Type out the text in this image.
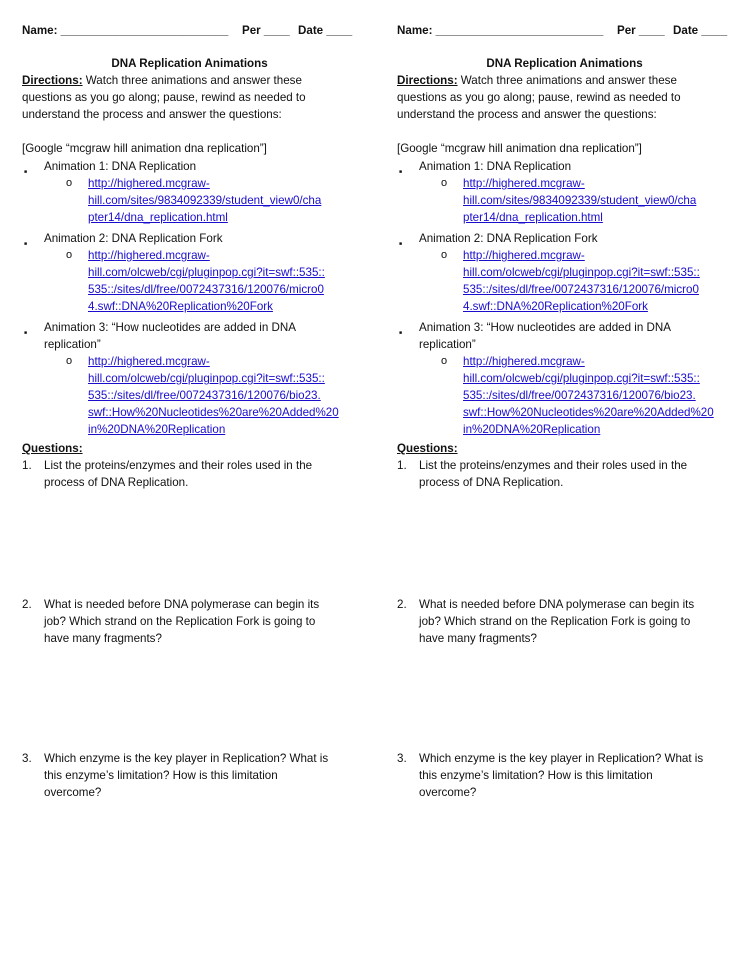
Name: __________________________ Per ____ Date ____
DNA Replication Animations
Directions: Watch three animations and answer these
questions as you go along; pause, rewind as needed to
understand the process and answer the questions:
[Google “mcgraw hill animation dna replication”]
■ Animation 1: DNA Replication
o http://highered.mcgraw-
hill.com/sites/9834092339/student_view0/cha
pter14/dna_replication.html
■ Animation 2: DNA Replication Fork
o http://highered.mcgraw-
hill.com/olcweb/cgi/pluginpop.cgi?it=swf::535::
535::/sites/dl/free/0072437316/120076/micro0
4.swf::DNA%20Replication%20Fork
■ Animation 3: “How nucleotides are added in DNA
replication”
o http://highered.mcgraw-
hill.com/olcweb/cgi/pluginpop.cgi?it=swf::535::
535::/sites/dl/free/0072437316/120076/bio23.
swf::How%20Nucleotides%20are%20Added%20
in%20DNA%20Replication
Questions:
1. List the proteins/enzymes and their roles used in the
process of DNA Replication.
2. What is needed before DNA polymerase can begin its
job? Which strand on the Replication Fork is going to
have many fragments?
3. Which enzyme is the key player in Replication? What is
this enzyme’s limitation? How is this limitation
overcome?
Name: __________________________ Per ____ Date ____
DNA Replication Animations
Directions: Watch three animations and answer these
questions as you go along; pause, rewind as needed to
understand the process and answer the questions:
[Google “mcgraw hill animation dna replication”]
■ Animation 1: DNA Replication
o http://highered.mcgraw-
hill.com/sites/9834092339/student_view0/cha
pter14/dna_replication.html
■ Animation 2: DNA Replication Fork
o http://highered.mcgraw-
hill.com/olcweb/cgi/pluginpop.cgi?it=swf::535::
535::/sites/dl/free/0072437316/120076/micro0
4.swf::DNA%20Replication%20Fork
■ Animation 3: “How nucleotides are added in DNA
replication”
o http://highered.mcgraw-
hill.com/olcweb/cgi/pluginpop.cgi?it=swf::535::
535::/sites/dl/free/0072437316/120076/bio23.
swf::How%20Nucleotides%20are%20Added%20
in%20DNA%20Replication
Questions:
1. List the proteins/enzymes and their roles used in the
process of DNA Replication.
2. What is needed before DNA polymerase can begin its
job? Which strand on the Replication Fork is going to
have many fragments?
3. Which enzyme is the key player in Replication? What is
this enzyme’s limitation? How is this limitation
overcome?
